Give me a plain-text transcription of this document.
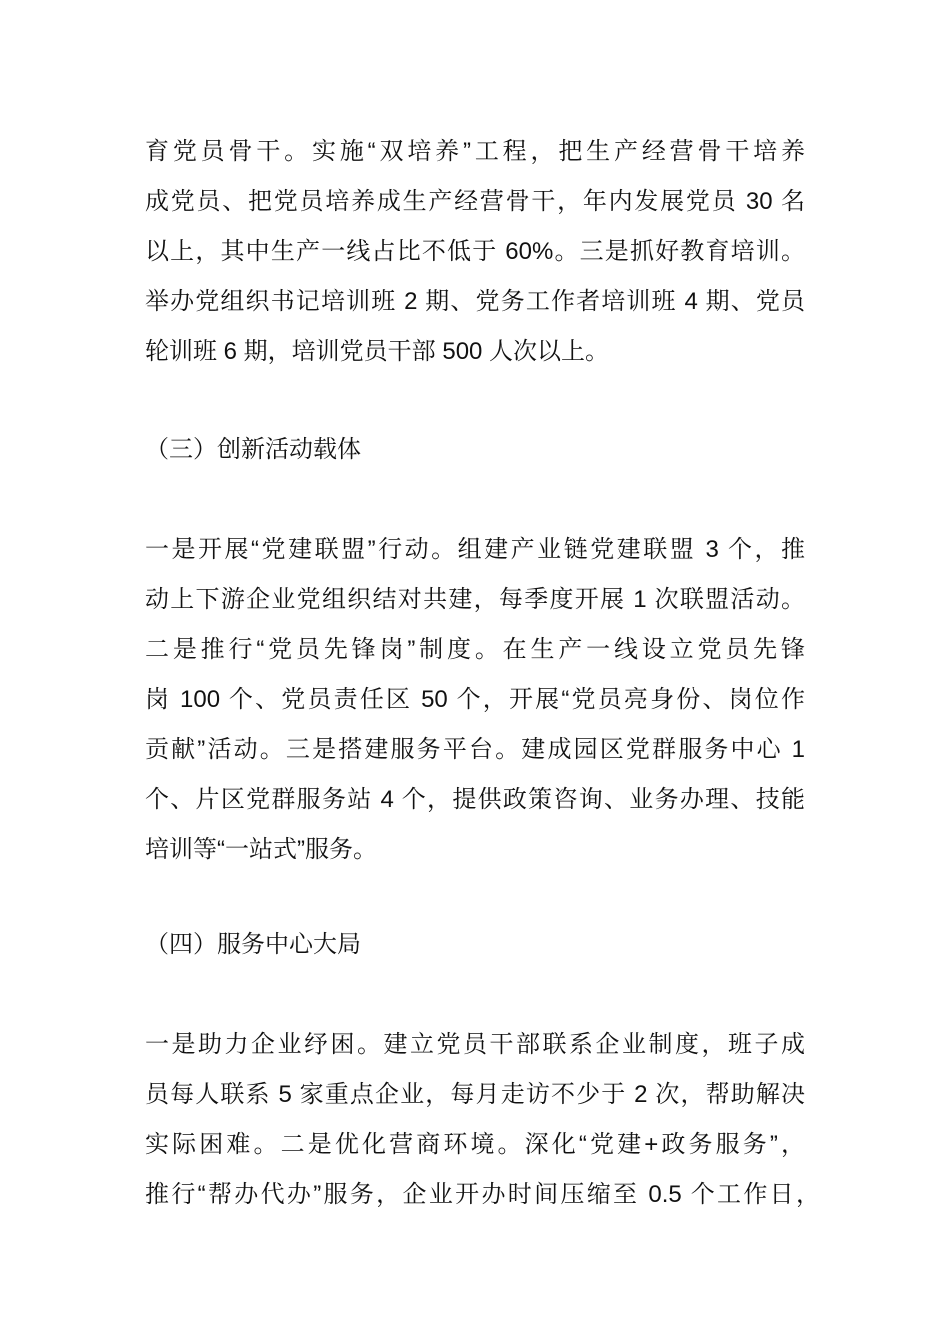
育党员骨干。实施“双培养”工程，把生产经营骨干培养
成党员、把党员培养成生产经营骨干，年内发展党员 30 名
以上，其中生产一线占比不低于 60%。三是抓好教育培训。
举办党组织书记培训班 2 期、党务工作者培训班 4 期、党员
轮训班 6 期，培训党员干部 500 人次以上。
（三）创新活动载体
一是开展“党建联盟”行动。组建产业链党建联盟 3 个，推
动上下游企业党组织结对共建，每季度开展 1 次联盟活动。
二是推行“党员先锋岗”制度。在生产一线设立党员先锋
岗 100 个、党员责任区 50 个，开展“党员亮身份、岗位作
贡献”活动。三是搭建服务平台。建成园区党群服务中心 1
个、片区党群服务站 4 个，提供政策咨询、业务办理、技能
培训等“一站式”服务。
（四）服务中心大局
一是助力企业纾困。建立党员干部联系企业制度，班子成
员每人联系 5 家重点企业，每月走访不少于 2 次，帮助解决
实际困难。二是优化营商环境。深化“党建+政务服务”，
推行“帮办代办”服务，企业开办时间压缩至 0.5 个工作日，
